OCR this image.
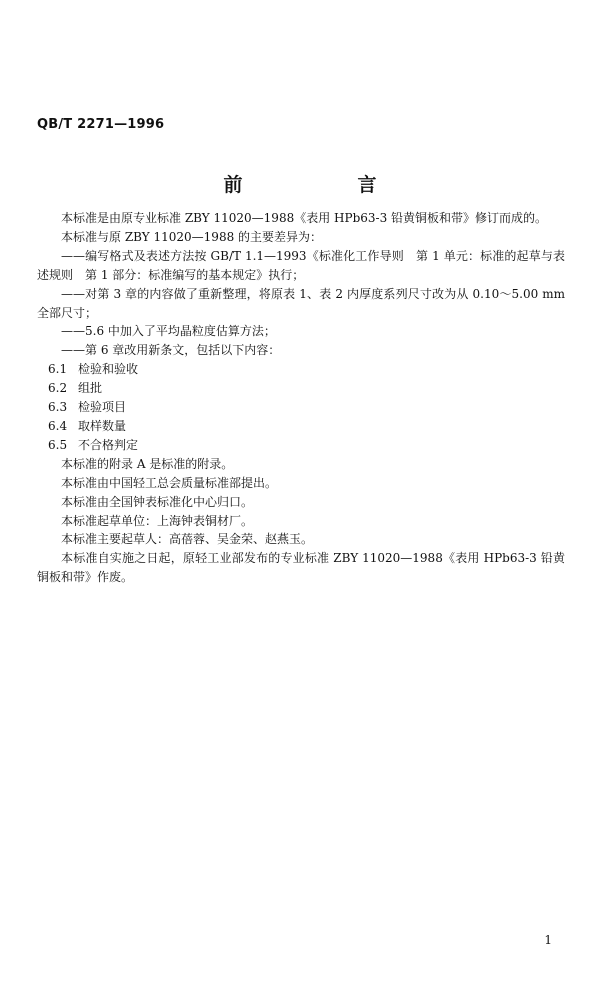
QB/T 2271—1996
前　言

本标准是由原专业标准 ZBY 11020—1988《表用 HPb63-3 铅黄铜板和带》修订而成的。

本标准与原 ZBY 11020—1988 的主要差异为：

——编写格式及表述方法按 GB/T 1.1—1993《标准化工作导则　第 1 单元：标准的起草与表述规则　第 1 部分：标准编写的基本规定》执行；

——对第 3 章的内容做了重新整理，将原表 1、表 2 内厚度系列尺寸改为从 0.10～5.00 mm 全部尺寸；

——5.6 中加入了平均晶粒度估算方法；

——第 6 章改用新条文，包括以下内容：

6.1 检验和验收

6.2 组批

6.3 检验项目

6.4 取样数量

6.5 不合格判定

本标准的附录 A 是标准的附录。

本标准由中国轻工总会质量标准部提出。

本标准由全国钟表标准化中心归口。

本标准起草单位：上海钟表铜材厂。

本标准主要起草人：高蓓蓉、吴金荣、赵燕玉。

本标准自实施之日起，原轻工业部发布的专业标准 ZBY 11020—1988《表用 HPb63-3 铅黄铜板和带》作废。

1
